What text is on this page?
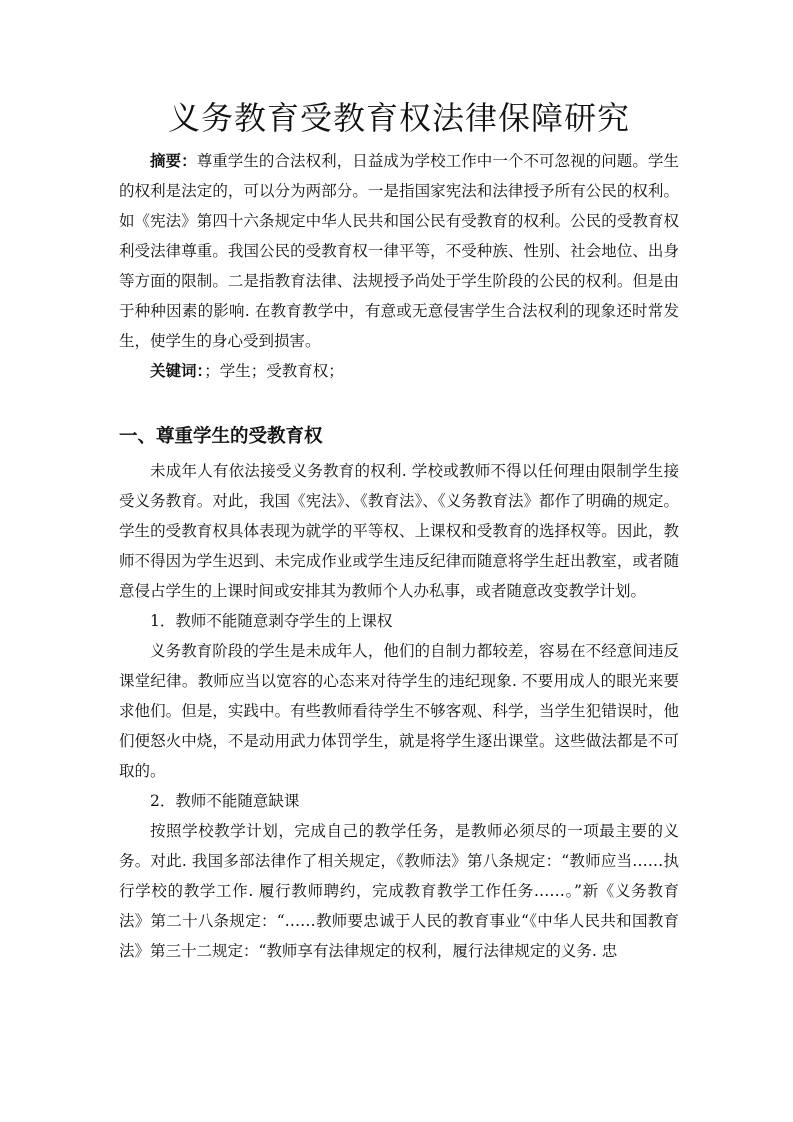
义务教育受教育权法律保障研究

摘要：尊重学生的合法权利，日益成为学校工作中一个不可忽视的问题。学生的权利是法定的，可以分为两部分。一是指国家宪法和法律授予所有公民的权利。如《宪法》第四十六条规定中华人民共和国公民有受教育的权利。公民的受教育权利受法律尊重。我国公民的受教育权一律平等，不受种族、性别、社会地位、出身等方面的限制。二是指教育法律、法规授予尚处于学生阶段的公民的权利。但是由于种种因素的影响. 在教育教学中，有意或无意侵害学生合法权利的现象还时常发生，使学生的身心受到损害。

关键词：；学生；受教育权；

一、尊重学生的受教育权

未成年人有依法接受义务教育的权利. 学校或教师不得以任何理由限制学生接受义务教育。对此，我国《宪法》、《教育法》、《义务教育法》都作了明确的规定。学生的受教育权具体表现为就学的平等权、上课权和受教育的选择权等。因此，教师不得因为学生迟到、未完成作业或学生违反纪律而随意将学生赶出教室，或者随意侵占学生的上课时间或安排其为教师个人办私事，或者随意改变教学计划。

1．教师不能随意剥夺学生的上课权

义务教育阶段的学生是未成年人，他们的自制力都较差，容易在不经意间违反课堂纪律。教师应当以宽容的心态来对待学生的违纪现象. 不要用成人的眼光来要求他们。但是，实践中。有些教师看待学生不够客观、科学，当学生犯错误时，他们便怒火中烧，不是动用武力体罚学生，就是将学生逐出课堂。这些做法都是不可取的。

2．教师不能随意缺课

按照学校教学计划，完成自己的教学任务，是教师必须尽的一项最主要的义务。对此. 我国多部法律作了相关规定，《教师法》第八条规定：“教师应当……执行学校的教学工作. 履行教师聘约，完成教育教学工作任务……。”新《义务教育法》第二十八条规定：“……教师要忠诚于人民的教育事业“《中华人民共和国教育法》第三十二规定：“教师享有法律规定的权利，履行法律规定的义务. 忠
